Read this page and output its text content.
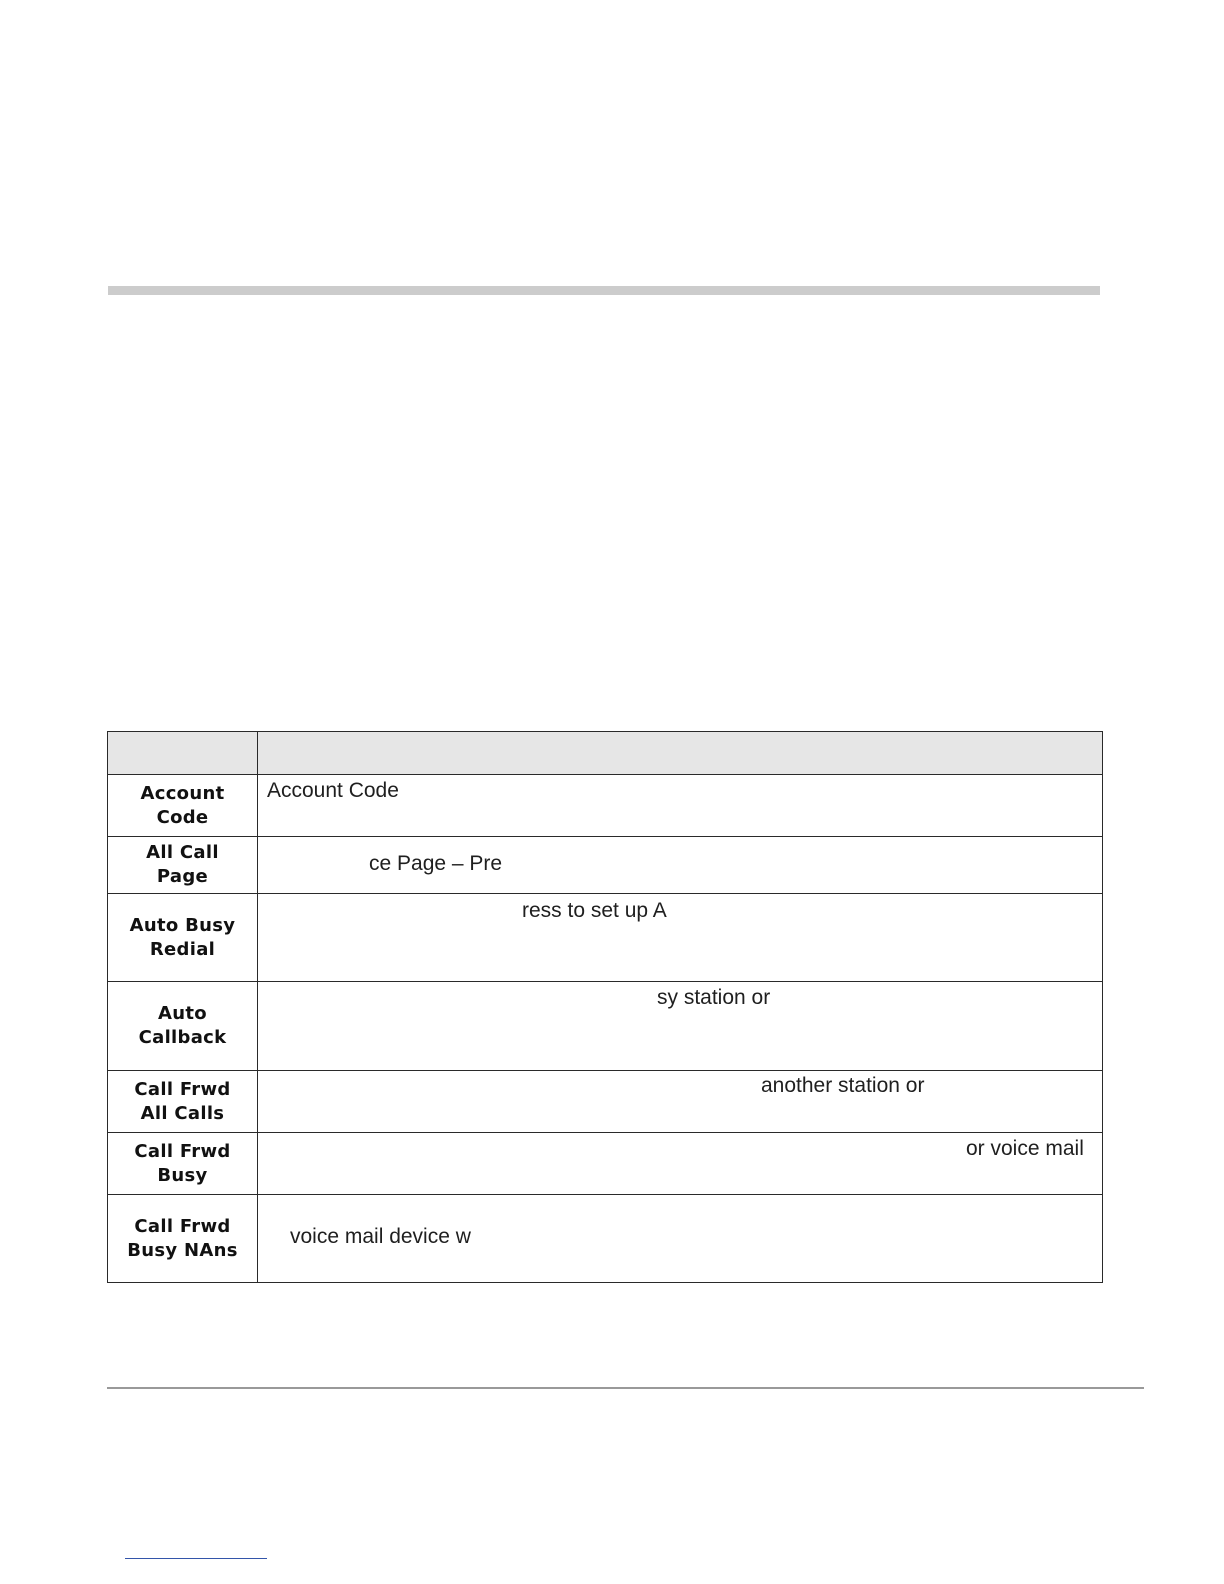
Account
Code	Account Code

All Call
Page	ce Page – Pre

Auto Busy
Redial	ress to set up A

Auto
Callback	sy station or

Call Frwd
All Calls	another station or

Call Frwd
Busy	or voice mail

Call Frwd
Busy NAns	voice mail device w
